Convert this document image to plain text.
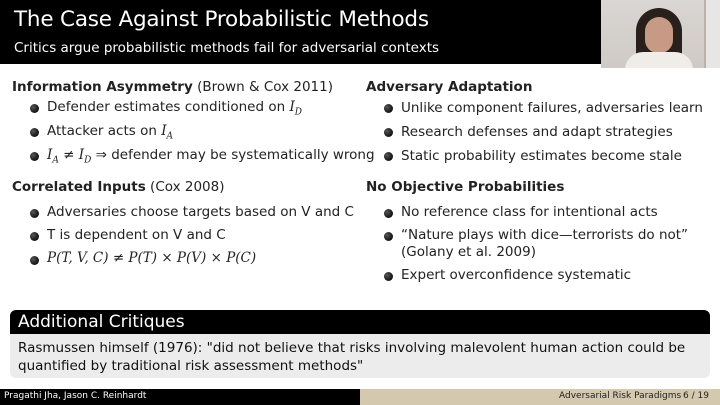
The Case Against Probabilistic Methods
Critics argue probabilistic methods fail for adversarial contexts
Information Asymmetry (Brown & Cox 2011)
Defender estimates conditioned on $I_D$
Attacker acts on $I_A$
$I_A \ne I_D$ ⇒ defender may be systematically wrong
Correlated Inputs (Cox 2008)
Adversaries choose targets based on V and C
T is dependent on V and C
P(T, V, C) ≠ P(T) × P(V) × P(C)
Adversary Adaptation
Unlike component failures, adversaries learn
Research defenses and adapt strategies
Static probability estimates become stale
No Objective Probabilities
No reference class for intentional acts
“Nature plays with dice—terrorists do not”
(Golany et al. 2009)
Expert overconfidence systematic
Additional Critiques
Rasmussen himself (1976): "did not believe that risks involving malevolent human action could be quantified by traditional risk assessment methods"
Pragathi Jha, Jason C. Reinhardt	Adversarial Risk Paradigms 6 / 19
